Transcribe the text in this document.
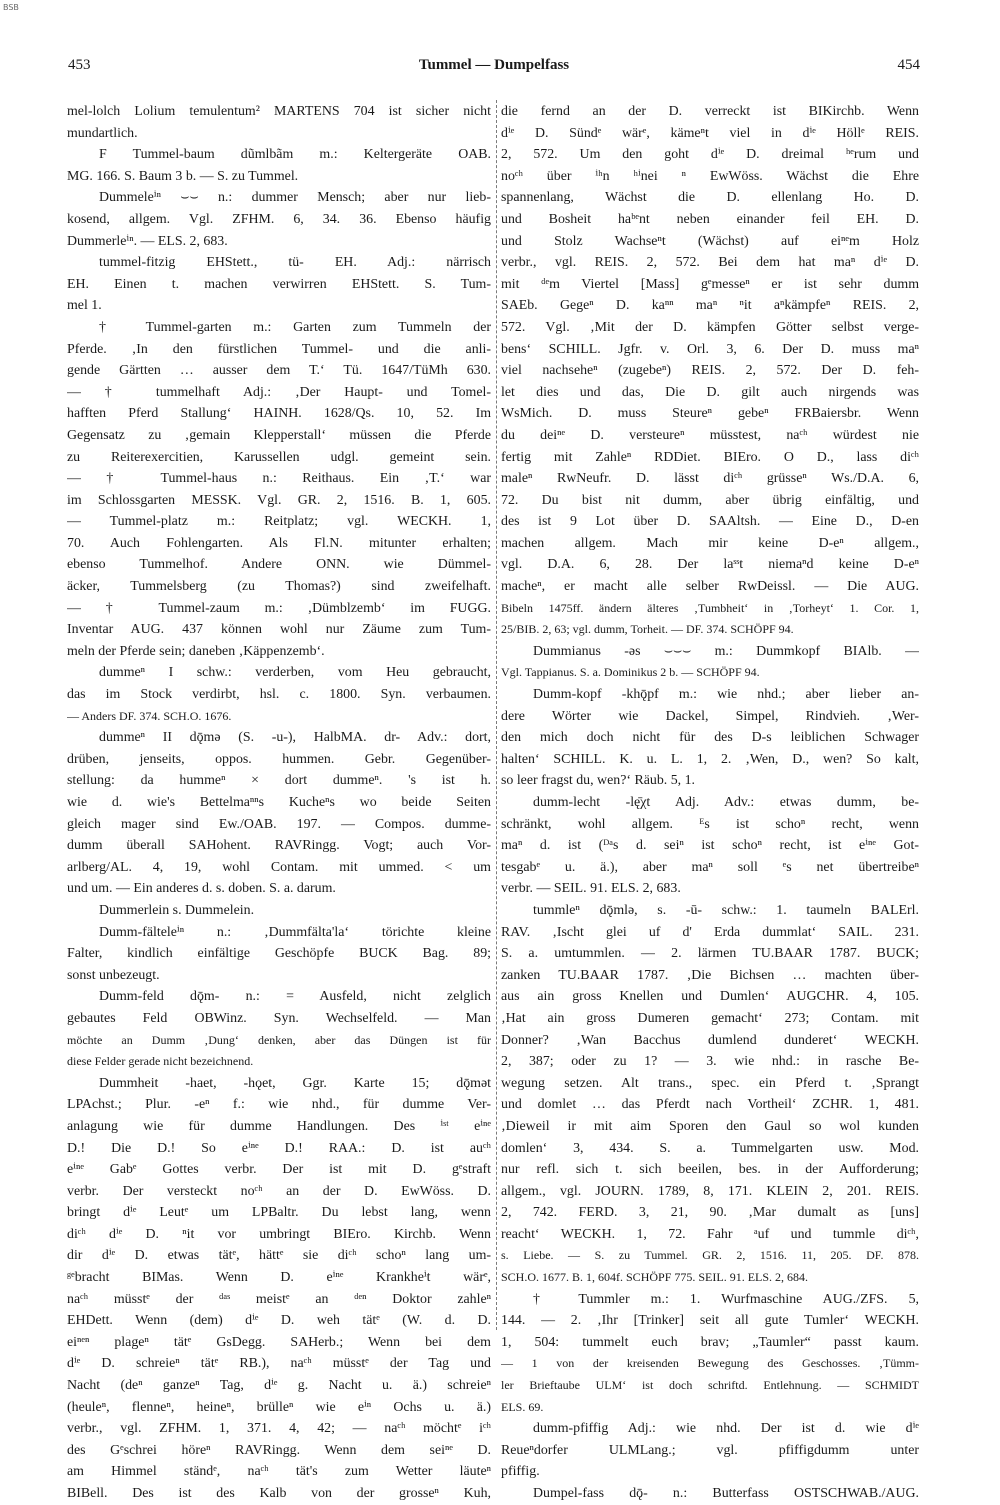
BSB
453	Tummel — Dumpelfass	454
mel-lolch Lolium temulentum² MARTENS 704 ist sicher nicht
mundartlich.
F Tummel-baum dũmlbãm m.: Keltergeräte OAB.
MG. 166. S. Baum 3 b. — S. zu Tummel.
Dummeleⁱⁿ ⌣⌣ n.: dummer Mensch; aber nur lieb-
kosend, allgem. Vgl. ZFHM. 6, 34. 36. Ebenso häufig
Dummerleⁱⁿ. — ELS. 2, 683.
tummel-fitzig EHStett., tü- EH. Adj.: närrisch
EH. Einen t. machen verwirren EHStett. S. Tum-
mel 1.
† Tummel-garten m.: Garten zum Tummeln der
Pferde. ‚In den fürstlichen Tummel- und die anli-
gende Gärtten … ausser dem T.‘ Tü. 1647/TüMh 630.
— † tummelhaft Adj.: ‚Der Haupt- und Tomel-
hafften Pferd Stallung‘ HAINH. 1628/Qs. 10, 52. Im
Gegensatz zu ‚gemain Klepperstall‘ müssen die Pferde
zu Reiterexercitien, Karussellen udgl. gemeint sein.
— † Tummel-haus n.: Reithaus. Ein ‚T.‘ war
im Schlossgarten MESSK. Vgl. GR. 2, 1516. B. 1, 605.
— Tummel-platz m.: Reitplatz; vgl. WECKH. 1,
70. Auch Fohlengarten. Als Fl.N. mitunter erhalten;
ebenso Tummelhof. Andere ONN. wie Dümmel-
äcker, Tummelsberg (zu Thomas?) sind zweifelhaft.
— † Tummel-zaum m.: ‚Dümblzemb‘ im FUGG.
Inventar AUG. 437 können wohl nur Zäume zum Tum-
meln der Pferde sein; daneben ‚Käppenzemb‘.
dummeⁿ I schw.: verderben, vom Heu gebraucht,
das im Stock verdirbt, hsl. c. 1800. Syn. verbaumen.
— Anders DF. 374. SCH.O. 1676.
dummeⁿ II dǭmə (S. -u-), HalbMA. dr- Adv.: dort,
drüben, jenseits, oppos. hummen. Gebr. Gegenüber-
stellung: da hummeⁿ × dort dummeⁿ. 's ist h.
wie d. wie's Bettelmaⁿⁿs Kucheⁿs wo beide Seiten
gleich mager sind Ew./OAB. 197. — Compos. dumme-
dumm überall SAHohent. RAVRingg. Vogt; auch Vor-
arlberg/AL. 4, 19, wohl Contam. mit ummed. < um
und um. — Ein anderes d. s. doben. S. a. darum.
Dummerlein s. Dummelein.
Dumm-fälteleⁱⁿ n.: ‚Dummfälta'la‘ törichte kleine
Falter, kindlich einfältige Geschöpfe BUCK Bag. 89;
sonst unbezeugt.
Dumm-feld dǭm- n.: = Ausfeld, nicht zelglich
gebautes Feld OBWinz. Syn. Wechselfeld. — Man
möchte an Dumm ‚Dung‘ denken, aber das Düngen ist für
diese Felder gerade nicht bezeichnend.
Dummheit -haet, -hǫet, Ggr. Karte 15; dǭmət
LPAchst.; Plur. -eⁿ f.: wie nhd., für dumme Ver-
anlagung wie für dumme Handlungen. Des ⁱˢᵗ eⁱⁿᵉ
D.! Die D.! So eⁱⁿᵉ D.! RAA.: D. ist auᶜʰ
eⁱⁿᵉ Gabᵉ Gottes verbr. Der ist mit D. gᵉstraft
verbr. Der versteckt noᶜʰ an der D. EwWöss. D.
bringt dⁱᵉ Leutᵉ um LPBaltr. Du lebst lang, wenn
diᶜʰ dⁱᵉ D. ⁿit vor umbringt BIEro. Kirchb. Wenn
dir dⁱᵉ D. etwas tätᵉ, hättᵉ sie diᶜʰ schoⁿ lang um-
ᵍᵉbracht BIMas. Wenn D. eⁱⁿᵉ Krankheⁱt wärᵉ,
naᶜʰ müsstᵉ der ᵈᵃˢ meistᵉ an ᵈᵉⁿ Doktor zahleⁿ
EHDett. Wenn (dem) dⁱᵉ D. weh tätᵉ (W. d. D.
eiⁿᵉⁿ plageⁿ tätᵉ GsDegg. SAHerb.; Wenn bei dem
dⁱᵉ D. schreieⁿ tätᵉ RB.), naᶜʰ müsstᵉ der Tag und
Nacht (deⁿ ganzeⁿ Tag, dⁱᵉ g. Nacht u. ä.) schreieⁿ
(heuleⁿ, flenneⁿ, heineⁿ, brülleⁿ wie eⁱⁿ Ochs u. ä.)
verbr., vgl. ZFHM. 1, 371. 4, 42; — naᶜʰ möchtᵉ iᶜʰ
des Gᵉschrei höreⁿ RAVRingg. Wenn dem seiⁿᵉ D.
am Himmel ständᵉ, naᶜʰ tät's zum Wetter läuteⁿ
BIBell. Des ist des Kalb von der grosseⁿ Kuh,
die fernd an der D. verreckt ist BIKirchb. Wenn
dⁱᵉ D. Sündᵉ wärᵉ, kämeⁿt viel in dⁱᵉ Höllᵉ REIS.
2, 572. Um den goht dⁱᵉ D. dreimal ʰᵉrum und
noᶜʰ über ⁱʰn ʰⁱnei ⁿ EwWöss. Wächst die Ehre
spannenlang, Wächst die D. ellenlang Ho. D.
und Bosheit haᵇᵉnt neben einander feil EH. D.
und Stolz Wachseⁿt (Wächst) auf eiⁿᵉm Holz
verbr., vgl. REIS. 2, 572. Bei dem hat maⁿ dⁱᵉ D.
mit ᵈᵉm Viertel [Mass] gᵉmesseⁿ er ist sehr dumm
SAEb. Gegeⁿ D. kaⁿⁿ maⁿ ⁿit aⁿkämpfeⁿ REIS. 2,
572. Vgl. ‚Mit der D. kämpfen Götter selbst verge-
bens‘ SCHILL. Jgfr. v. Orl. 3, 6. Der D. muss maⁿ
viel nachseheⁿ (zugebeⁿ) REIS. 2, 572. Der D. feh-
let dies und das, Die D. gilt auch nirgends was
WsMich. D. muss Steureⁿ gebeⁿ FRBaiersbr. Wenn
du deiⁿᵉ D. versteureⁿ müsstest, naᶜʰ würdest nie
fertig mit Zahleⁿ RDDiet. BIEro. O D., lass diᶜʰ
maleⁿ RwNeufr. D. lässt diᶜʰ grüsseⁿ Ws./D.A. 6,
72. Du bist nit dumm, aber übrig einfältig, und
des ist 9 Lot über D. SAAltsh. — Eine D., D-en
machen allgem. Mach mir keine D-eⁿ allgem.,
vgl. D.A. 6, 28. Der laˢˢt niemaⁿd keine D-eⁿ
macheⁿ, er macht alle selber RwDeissl. — Die AUG.
Bibeln 1475ff. ändern älteres ‚Tumbheit‘ in ‚Torheyt‘ 1. Cor. 1,
25/BIB. 2, 63; vgl. dumm, Torheit. — DF. 374. SCHÖPF 94.
Dummianus -əs ⌣⌣⌣ m.: Dummkopf BIAlb. —
Vgl. Tappianus. S. a. Dominikus 2 b. — SCHÖPF 94.
Dumm-kopf -khǭpf m.: wie nhd.; aber lieber an-
dere Wörter wie Dackel, Simpel, Rindvieh. ‚Wer-
den mich doch nicht für des D-s leiblichen Schwager
halten‘ SCHILL. K. u. L. 1, 2. ‚Wen, D., wen? So kalt,
so leer fragst du, wen?‘ Räub. 5, 1.
dumm-lecht -lę̄χt Adj. Adv.: etwas dumm, be-
schränkt, wohl allgem. ᴱs ist schoⁿ recht, wenn
maⁿ d. ist (ᴰᵃs d. seiⁿ ist schoⁿ recht, ist eⁱⁿᵉ Got-
tesgabᵉ u. ä.), aber maⁿ soll ᵉs net übertreibeⁿ
verbr. — SEIL. 91. ELS. 2, 683.
tummleⁿ dǭmlə, s. -ū- schw.: 1. taumeln BALErl.
RAV. ‚Ischt glei uf d' Erda dummlat‘ SAIL. 231.
S. a. umtummlen. — 2. lärmen TU.BAAR 1787. BUCK;
zanken TU.BAAR 1787. ‚Die Bichsen … machten über-
aus ain gross Knellen und Dumlen‘ AUGCHR. 4, 105.
‚Hat ain gross Dumeren gemacht‘ 273; Contam. mit
Donner? ‚Wan Bacchus dumlend dunderet‘ WECKH.
2, 387; oder zu 1? — 3. wie nhd.: in rasche Be-
wegung setzen. Alt trans., spec. ein Pferd t. ‚Sprangt
und domlet … das Pferdt nach Vortheil‘ ZCHR. 1, 481.
‚Dieweil ir mit aim Sporen den Gaul so wol kunden
domlen‘ 3, 434. S. a. Tummelgarten usw. Mod.
nur refl. sich t. sich beeilen, bes. in der Aufforderung;
allgem., vgl. JOURN. 1789, 8, 171. KLEIN 2, 201. REIS.
2, 742. FERD. 3, 21, 90. ‚Mar dumalt as [uns]
reacht‘ WECKH. 1, 72. Fahr ᵃuf und tummle diᶜʰ,
s. Liebe. — S. zu Tummel. GR. 2, 1516. 11, 205. DF. 878.
SCH.O. 1677. B. 1, 604f. SCHÖPF 775. SEIL. 91. ELS. 2, 684.
† Tummler m.: 1. Wurfmaschine AUG./ZFS. 5,
144. — 2. ‚Ihr [Trinker] seit all gute Tumler‘ WECKH.
1, 504: tummelt euch brav; „Taumler“ passt kaum.
— 1 von der kreisenden Bewegung des Geschosses. ‚Tümm-
ler Brieftaube ULM‘ ist doch schriftd. Entlehnung. — SCHMIDT
ELS. 69.
dumm-pfiffig Adj.: wie nhd. Der ist d. wie dⁱᵉ
Reueⁿdorfer ULMLang.; vgl. pfiffigdumm unter
pfiffig.
Dumpel-fass dǭ- n.: Butterfass OSTSCHWAB./AUG.
